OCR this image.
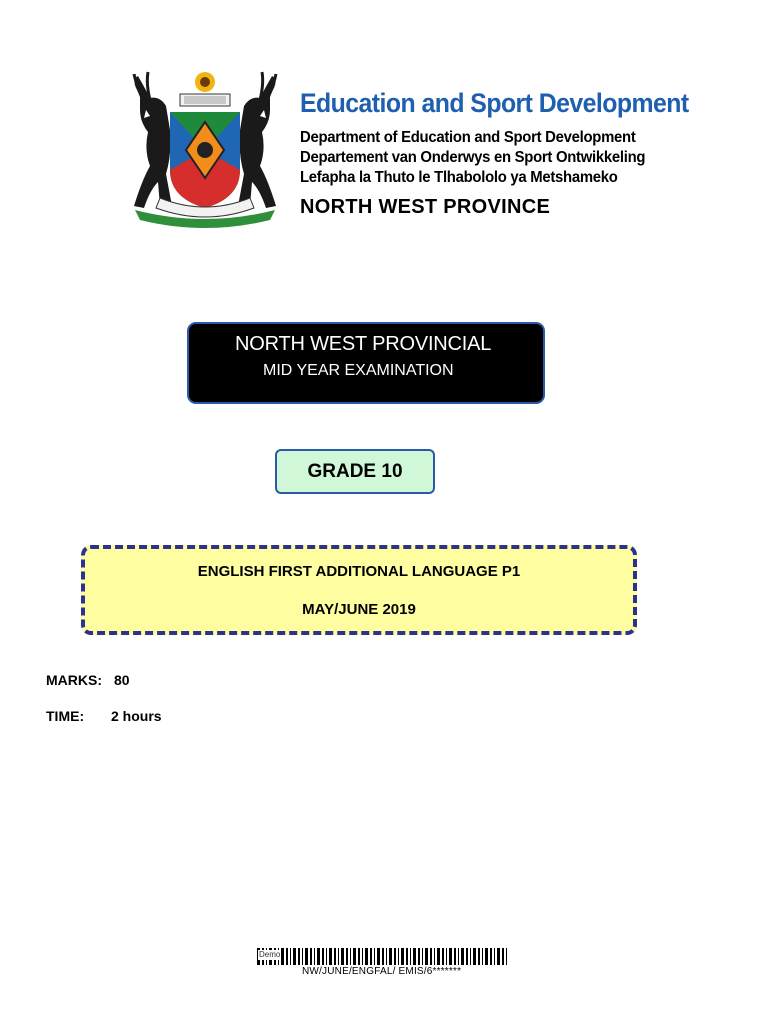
Education and Sport Development
Department of Education and Sport Development
Departement van Onderwys en Sport Ontwikkeling
Lefapha la Thuto le Tlhabololo ya Metshameko
NORTH WEST PROVINCE
NORTH WEST PROVINCIAL
MID YEAR EXAMINATION
GRADE 10
ENGLISH FIRST ADDITIONAL LANGUAGE P1
MAY/JUNE 2019
MARKS: 80
TIME: 2 hours
Demo
NW/JUNE/ENGFAL/ EMIS/6*******
